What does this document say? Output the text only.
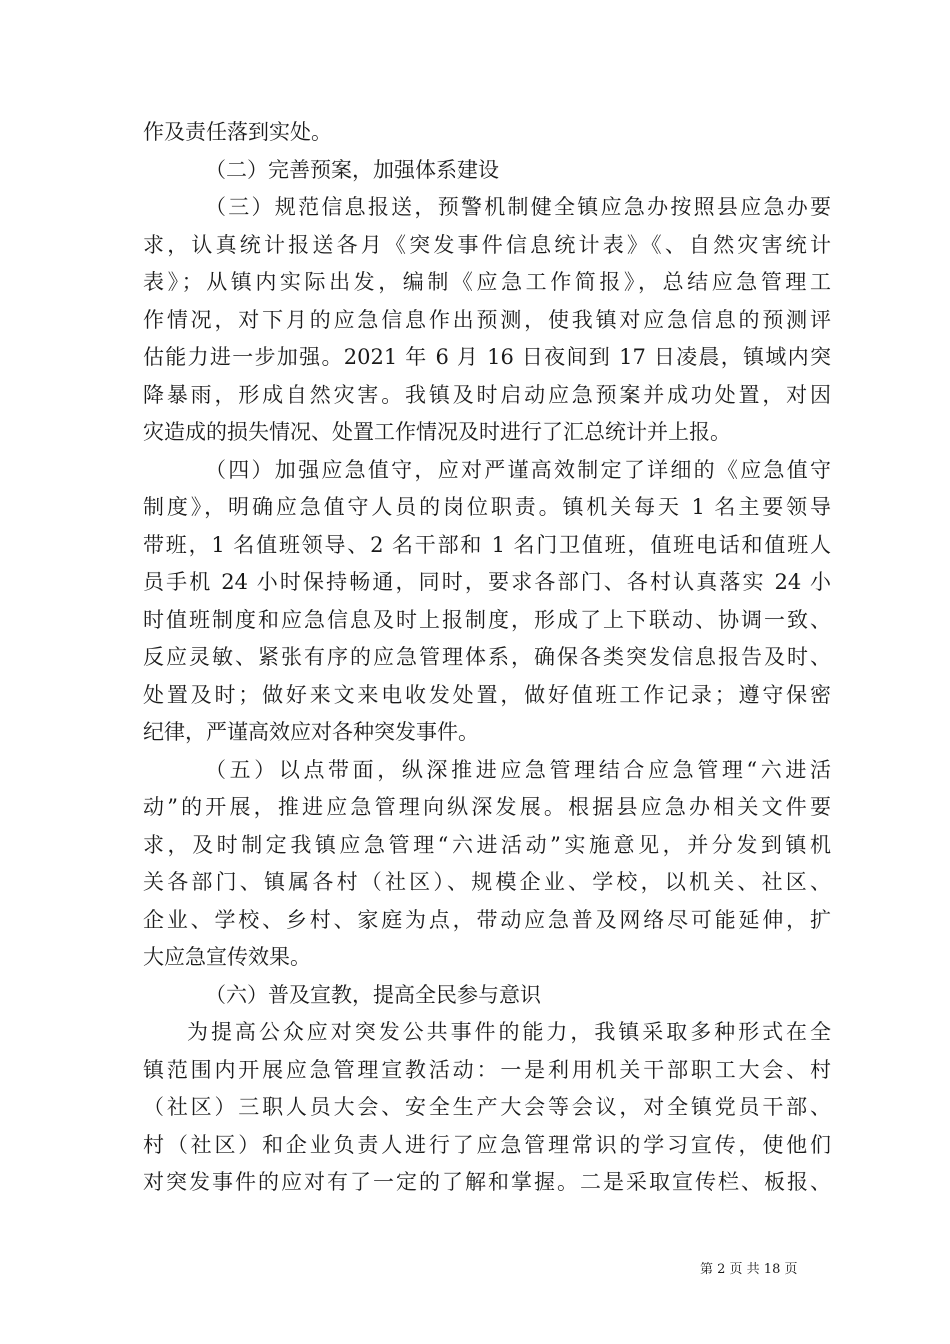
作及责任落到实处。
（二）完善预案，加强体系建设
（三）规范信息报送，预警机制健全镇应急办按照县应急办要
求，认真统计报送各月《突发事件信息统计表》《、自然灾害统计
表》；从镇内实际出发，编制《应急工作简报》，总结应急管理工
作情况，对下月的应急信息作出预测，使我镇对应急信息的预测评
估能力进一步加强。2021 年 6 月 16 日夜间到 17 日凌晨，镇域内突
降暴雨，形成自然灾害。我镇及时启动应急预案并成功处置，对因
灾造成的损失情况、处置工作情况及时进行了汇总统计并上报。
（四）加强应急值守，应对严谨高效制定了详细的《应急值守
制度》，明确应急值守人员的岗位职责。镇机关每天 1 名主要领导
带班，1 名值班领导、2 名干部和 1 名门卫值班，值班电话和值班人
员手机 24 小时保持畅通，同时，要求各部门、各村认真落实 24 小
时值班制度和应急信息及时上报制度，形成了上下联动、协调一致、
反应灵敏、紧张有序的应急管理体系，确保各类突发信息报告及时、
处置及时；做好来文来电收发处置，做好值班工作记录；遵守保密
纪律，严谨高效应对各种突发事件。
（五）以点带面，纵深推进应急管理结合应急管理“六进活
动”的开展，推进应急管理向纵深发展。根据县应急办相关文件要
求，及时制定我镇应急管理“六进活动”实施意见，并分发到镇机
关各部门、镇属各村（社区）、规模企业、学校，以机关、社区、
企业、学校、乡村、家庭为点，带动应急普及网络尽可能延伸，扩
大应急宣传效果。
（六）普及宣教，提高全民参与意识
为提高公众应对突发公共事件的能力，我镇采取多种形式在全
镇范围内开展应急管理宣教活动：一是利用机关干部职工大会、村
（社区）三职人员大会、安全生产大会等会议，对全镇党员干部、
村（社区）和企业负责人进行了应急管理常识的学习宣传，使他们
对突发事件的应对有了一定的了解和掌握。二是采取宣传栏、板报、
第 2 页 共 18 页
